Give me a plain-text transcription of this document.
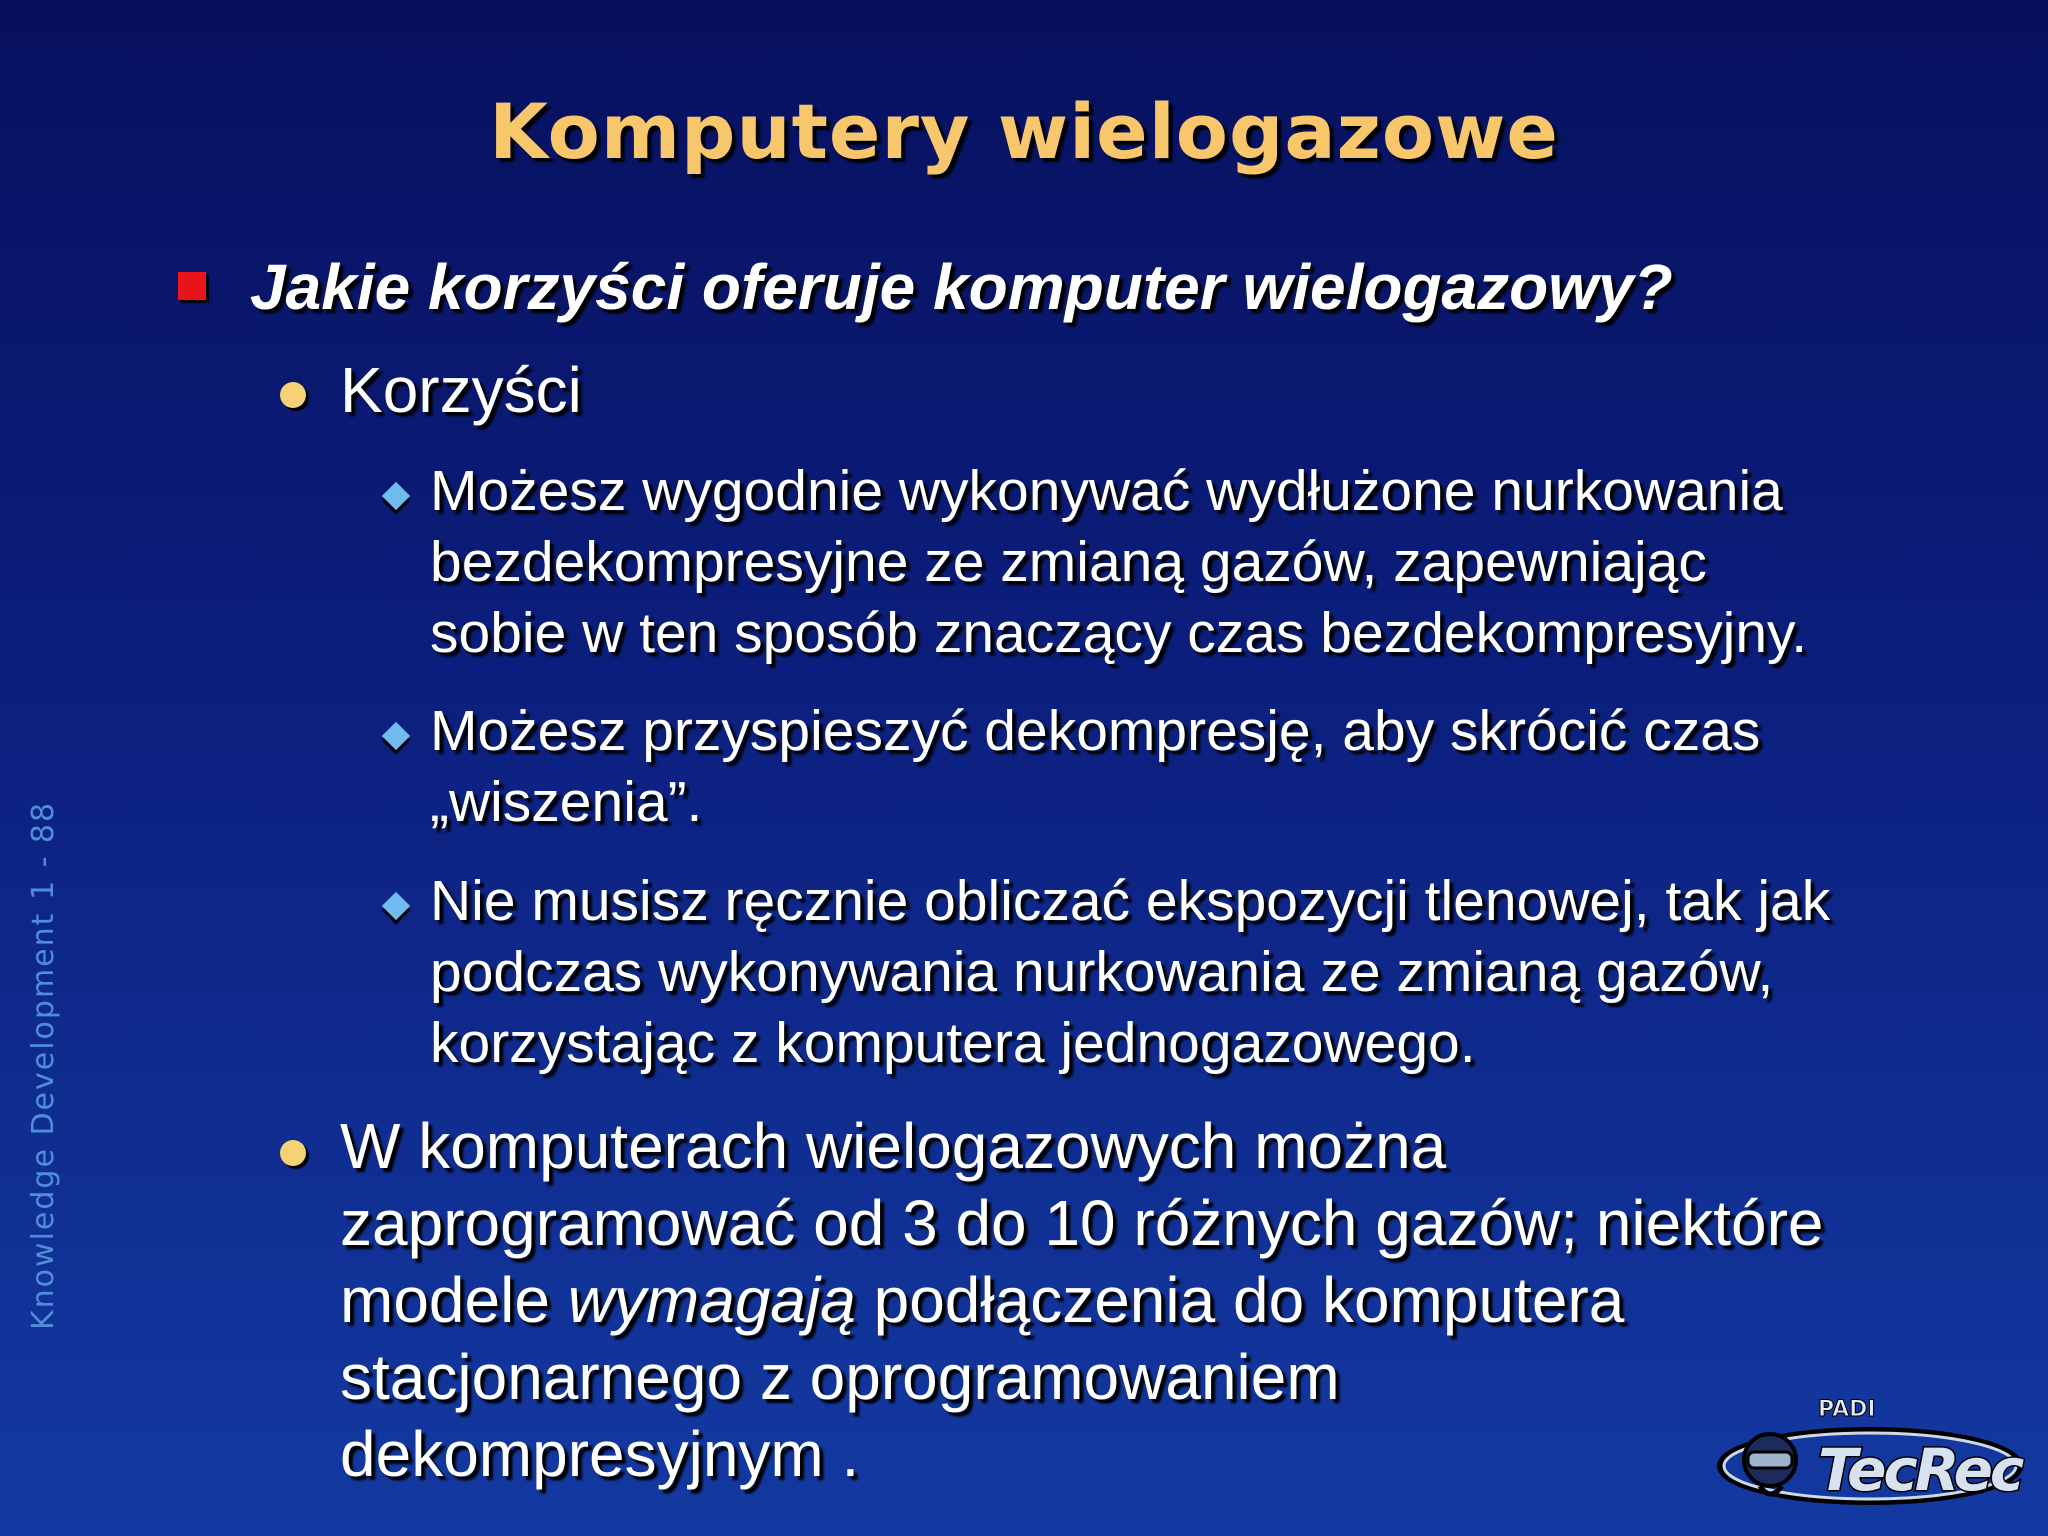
Komputery wielogazowe
Knowledge Development 1 - 88
Jakie korzyści oferuje komputer wielogazowy?
Korzyści
Możesz wygodnie wykonywać wydłużone nurkowania
bezdekompresyjne ze zmianą gazów, zapewniając
sobie w ten sposób znaczący czas bezdekompresyjny.
Możesz przyspieszyć dekompresję, aby skrócić czas
„wiszenia”.
Nie musisz ręcznie obliczać ekspozycji tlenowej, tak jak
podczas wykonywania nurkowania ze zmianą gazów,
korzystając z komputera jednogazowego.
W komputerach wielogazowych można
zaprogramować od 3 do 10 różnych gazów; niektóre
modele wymagają podłączenia do komputera
stacjonarnego z oprogramowaniem
dekompresyjnym .
PADI
TecRec
